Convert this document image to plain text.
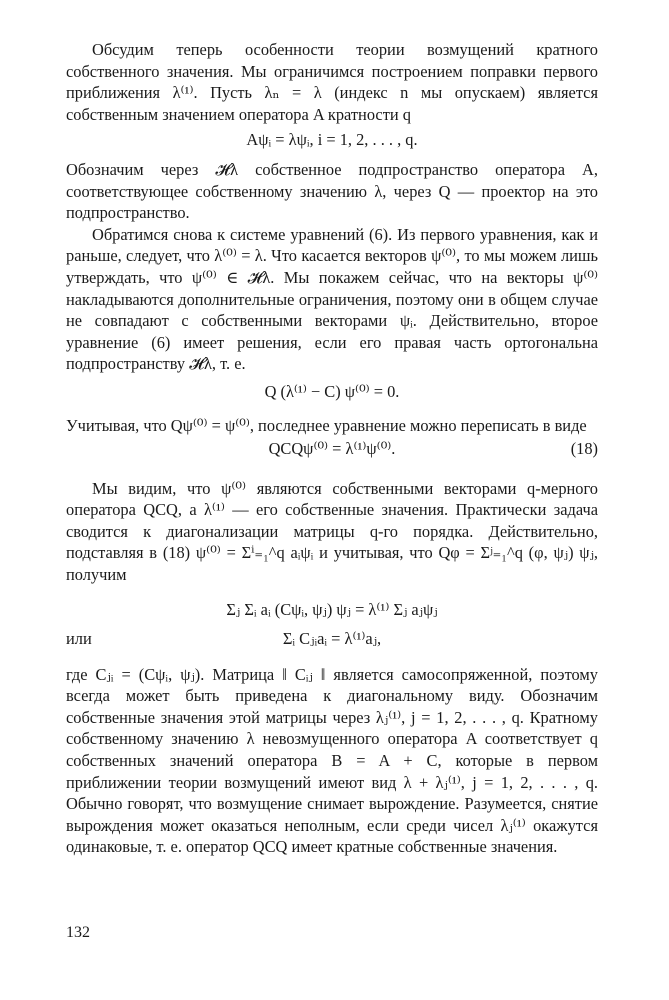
Обсудим теперь особенности теории возмущений кратного собственного значения. Мы ограничимся построением поправки первого приближения λ⁽¹⁾. Пусть λₙ = λ (индекс n мы опускаем) является собственным значением оператора A кратности q

Aψᵢ = λψᵢ, i = 1, 2, . . . , q.

Обозначим через 𝓗λ собственное подпространство оператора A, соответствующее собственному значению λ, через Q — проектор на это подпространство.

Обратимся снова к системе уравнений (6). Из первого уравнения, как и раньше, следует, что λ⁽⁰⁾ = λ. Что касается векторов ψ⁽⁰⁾, то мы можем лишь утверждать, что ψ⁽⁰⁾ ∈ 𝓗λ. Мы покажем сейчас, что на векторы ψ⁽⁰⁾ накладываются дополнительные ограничения, поэтому они в общем случае не совпадают с собственными векторами ψᵢ. Действительно, второе уравнение (6) имеет решения, если его правая часть ортогональна подпространству 𝓗λ, т. е.

Q (λ⁽¹⁾ − C) ψ⁽⁰⁾ = 0.

Учитывая, что Qψ⁽⁰⁾ = ψ⁽⁰⁾, последнее уравнение можно переписать в виде

QCQψ⁽⁰⁾ = λ⁽¹⁾ψ⁽⁰⁾.	(18)

Мы видим, что ψ⁽⁰⁾ являются собственными векторами q-мерного оператора QCQ, а λ⁽¹⁾ — его собственные значения. Практически задача сводится к диагонализации матрицы q-го порядка. Действительно, подставляя в (18) ψ⁽⁰⁾ = Σⁱ₌₁^q aᵢψᵢ и учитывая, что Qφ = Σʲ₌₁^q (φ, ψⱼ) ψⱼ, получим

Σⱼ Σᵢ aᵢ (Cψᵢ, ψⱼ) ψⱼ = λ⁽¹⁾ Σⱼ aⱼψⱼ
или	Σᵢ Cⱼᵢaᵢ = λ⁽¹⁾aⱼ,

где Cⱼᵢ = (Cψᵢ, ψⱼ). Матрица ‖ Cᵢⱼ ‖ является самосопряженной, поэтому всегда может быть приведена к диагональному виду. Обозначим собственные значения этой матрицы через λⱼ⁽¹⁾, j = 1, 2, . . . , q. Кратному собственному значению λ невозмущенного оператора A соответствует q собственных значений оператора B = A + C, которые в первом приближении теории возмущений имеют вид λ + λⱼ⁽¹⁾, j = 1, 2, . . . , q. Обычно говорят, что возмущение снимает вырождение. Разумеется, снятие вырождения может оказаться неполным, если среди чисел λⱼ⁽¹⁾ окажутся одинаковые, т. е. оператор QCQ имеет кратные собственные значения.

132
